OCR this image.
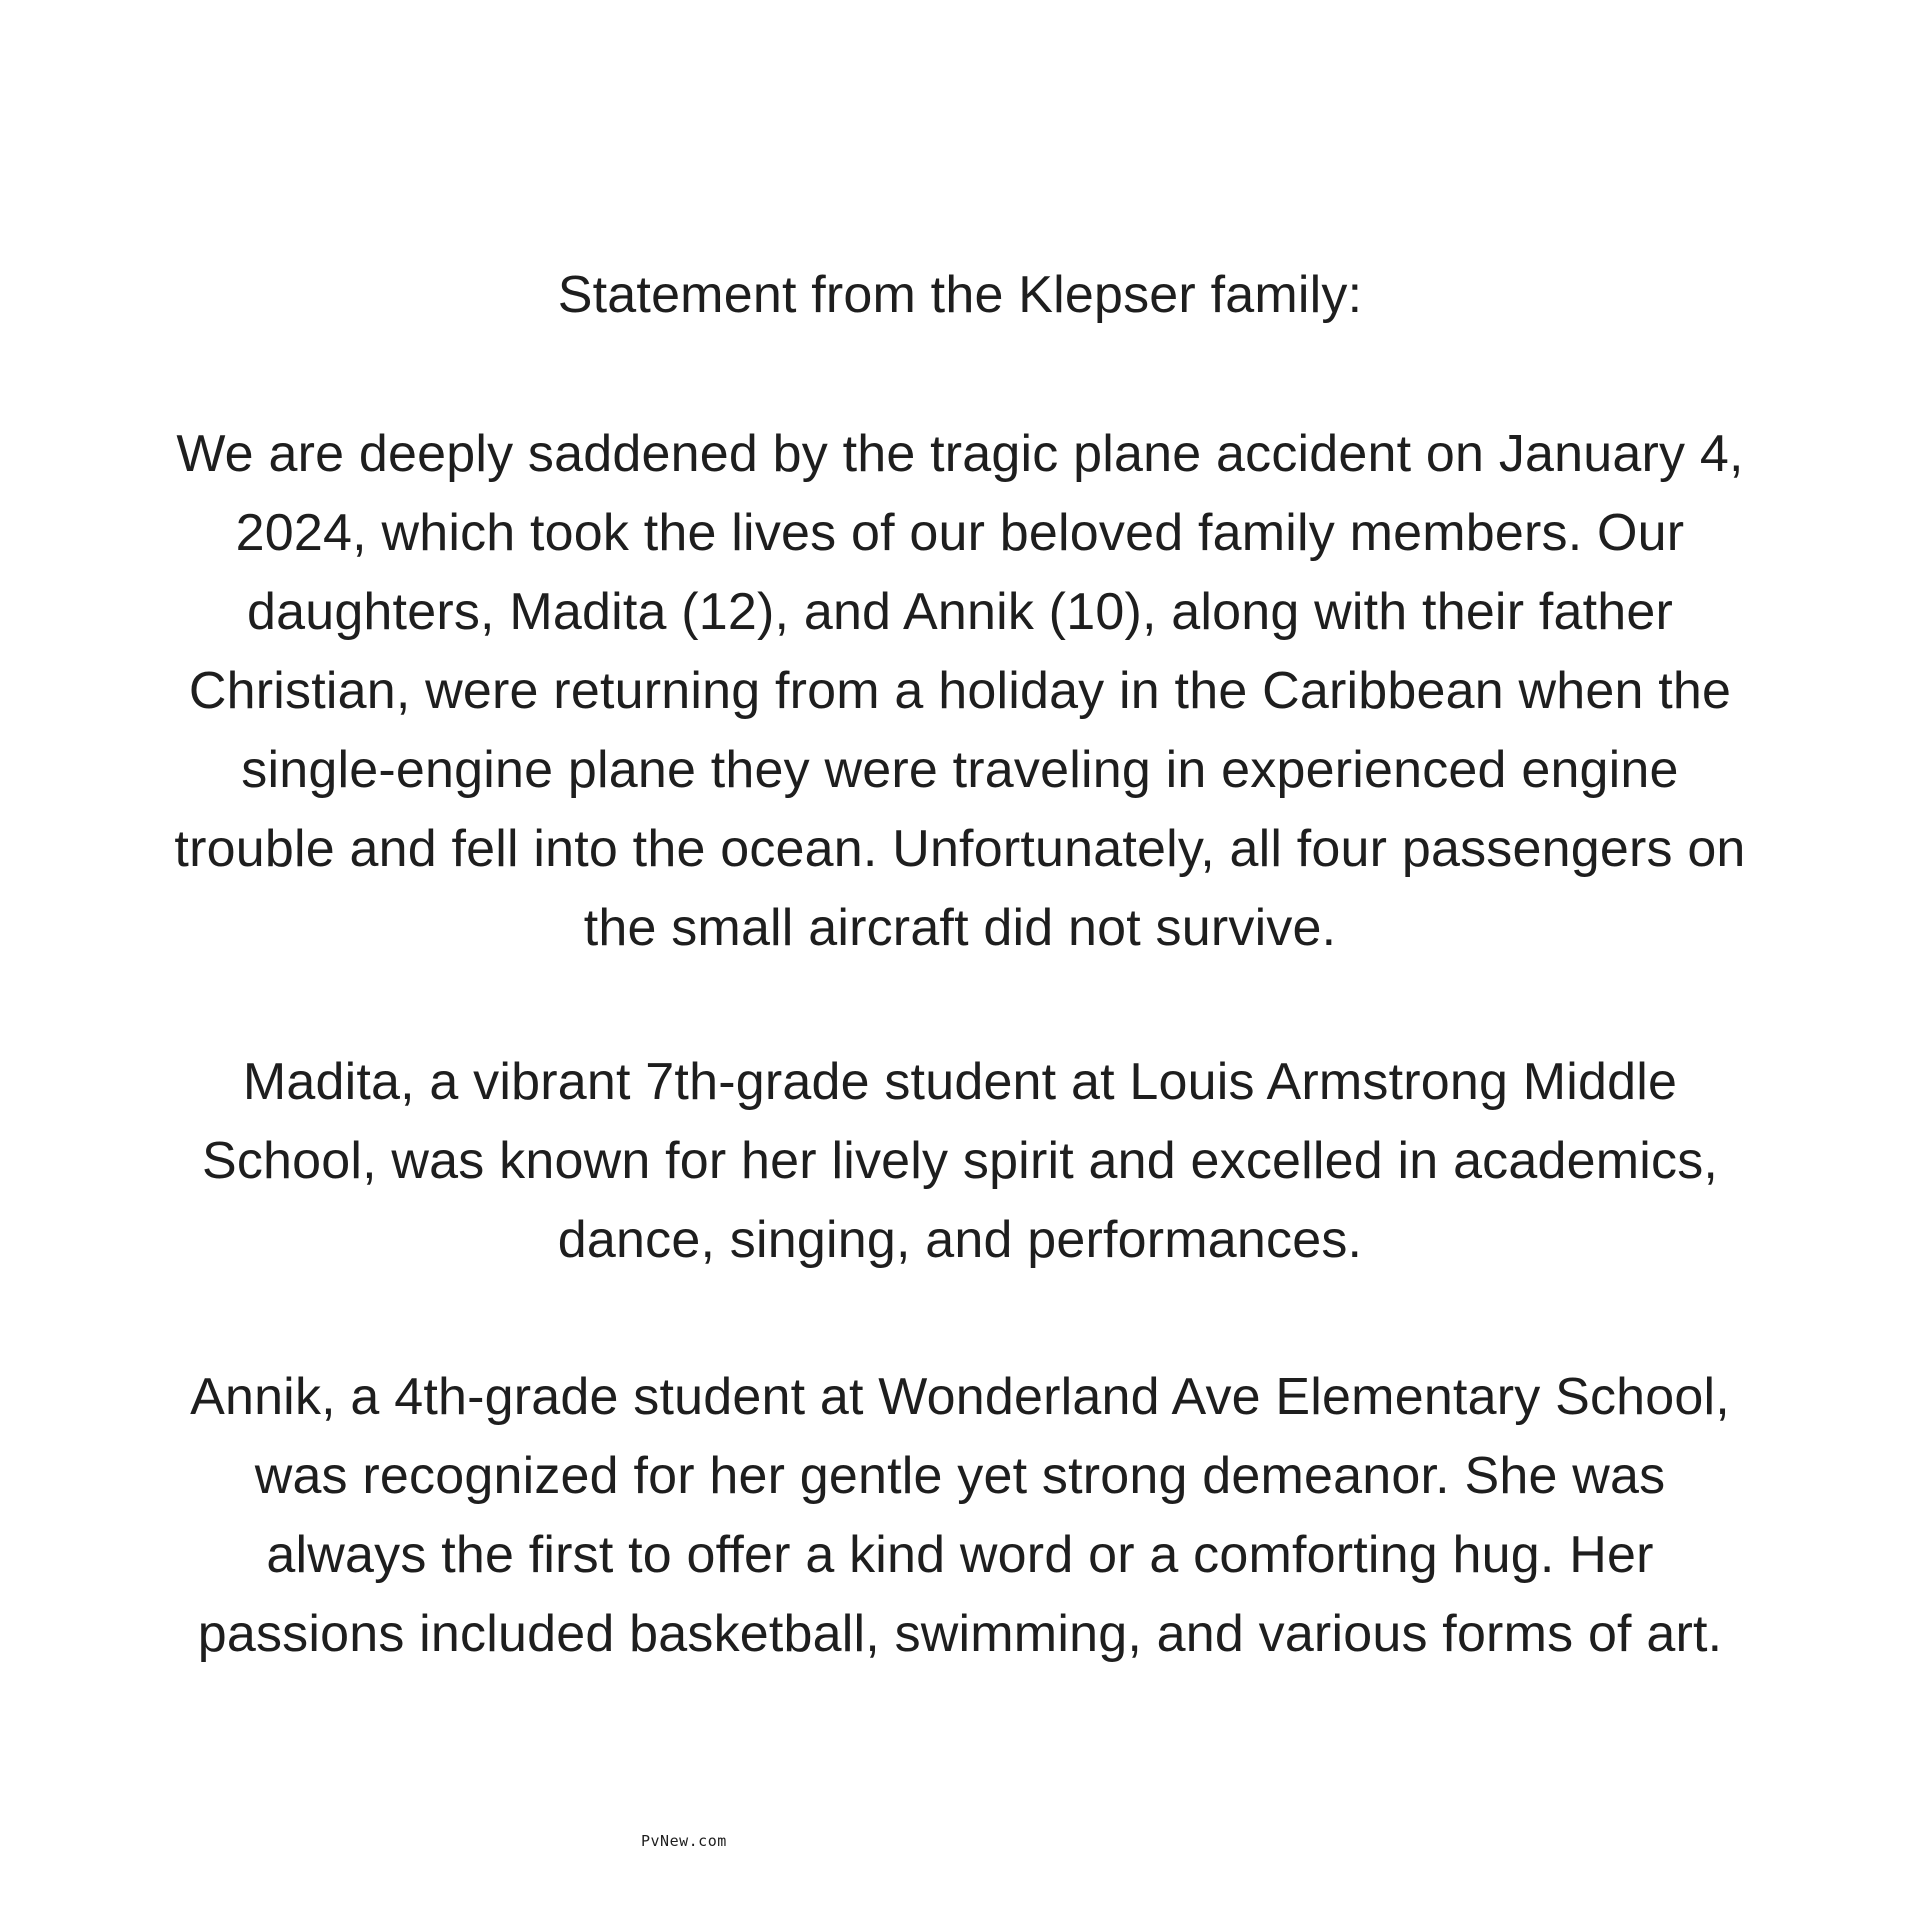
Statement from the Klepser family:
We are deeply saddened by the tragic plane accident on January 4,
2024, which took the lives of our beloved family members. Our
daughters, Madita (12), and Annik (10), along with their father
Christian, were returning from a holiday in the Caribbean when the
single-engine plane they were traveling in experienced engine
trouble and fell into the ocean. Unfortunately, all four passengers on
the small aircraft did not survive.
Madita, a vibrant 7th-grade student at Louis Armstrong Middle
School, was known for her lively spirit and excelled in academics,
dance, singing, and performances.
Annik, a 4th-grade student at Wonderland Ave Elementary School,
was recognized for her gentle yet strong demeanor. She was
always the first to offer a kind word or a comforting hug. Her
passions included basketball, swimming, and various forms of art.
PvNew.com
